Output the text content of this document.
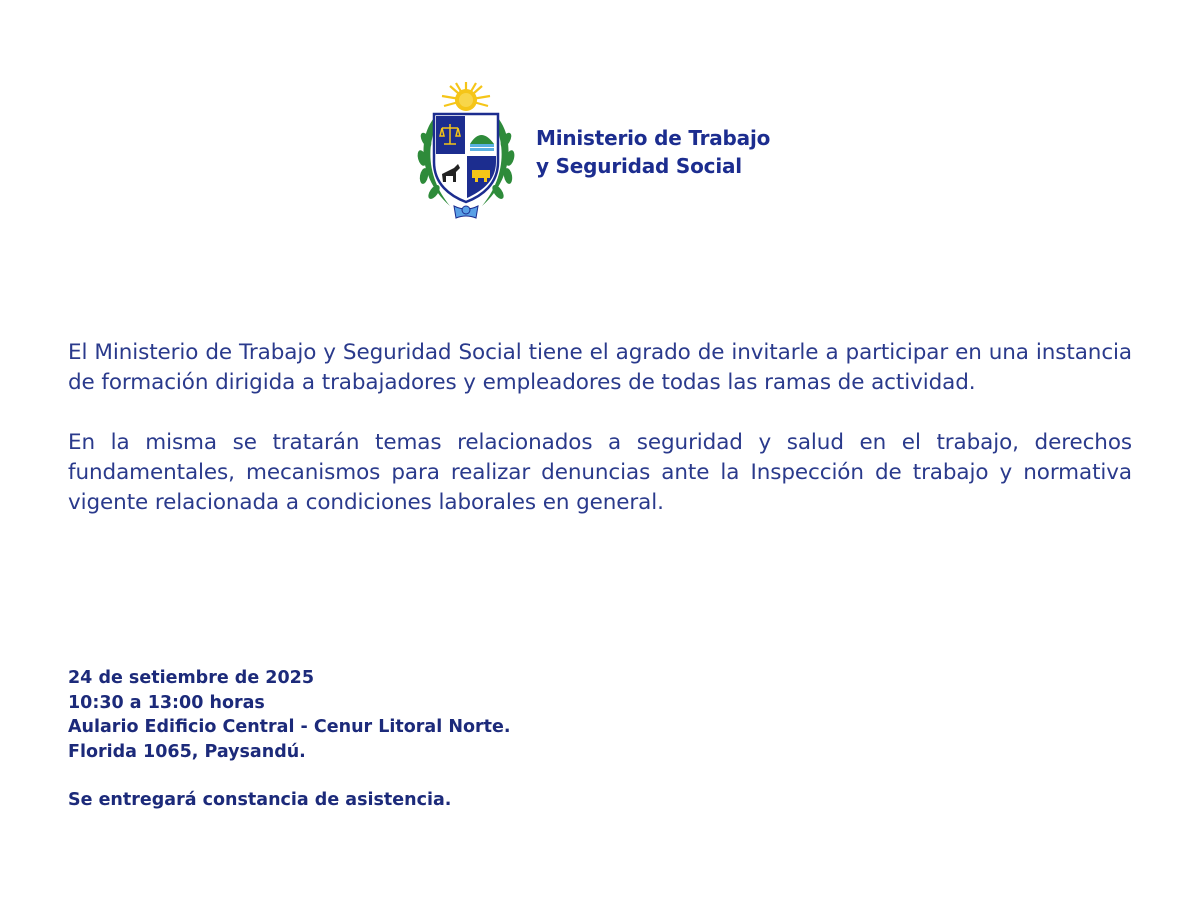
Ministerio de Trabajo
y Seguridad Social

El Ministerio de Trabajo y Seguridad Social tiene el agrado de invitarle a participar en una instancia de formación dirigida a trabajadores y empleadores de todas las ramas de actividad.

En la misma se tratarán temas relacionados a seguridad y salud en el trabajo, derechos fundamentales, mecanismos para realizar denuncias ante la Inspección de trabajo y normativa vigente relacionada a condiciones laborales en general.

24 de setiembre de 2025
10:30 a 13:00 horas
Aulario Edificio Central - Cenur Litoral Norte.
Florida 1065, Paysandú.
Se entregará constancia de asistencia.
